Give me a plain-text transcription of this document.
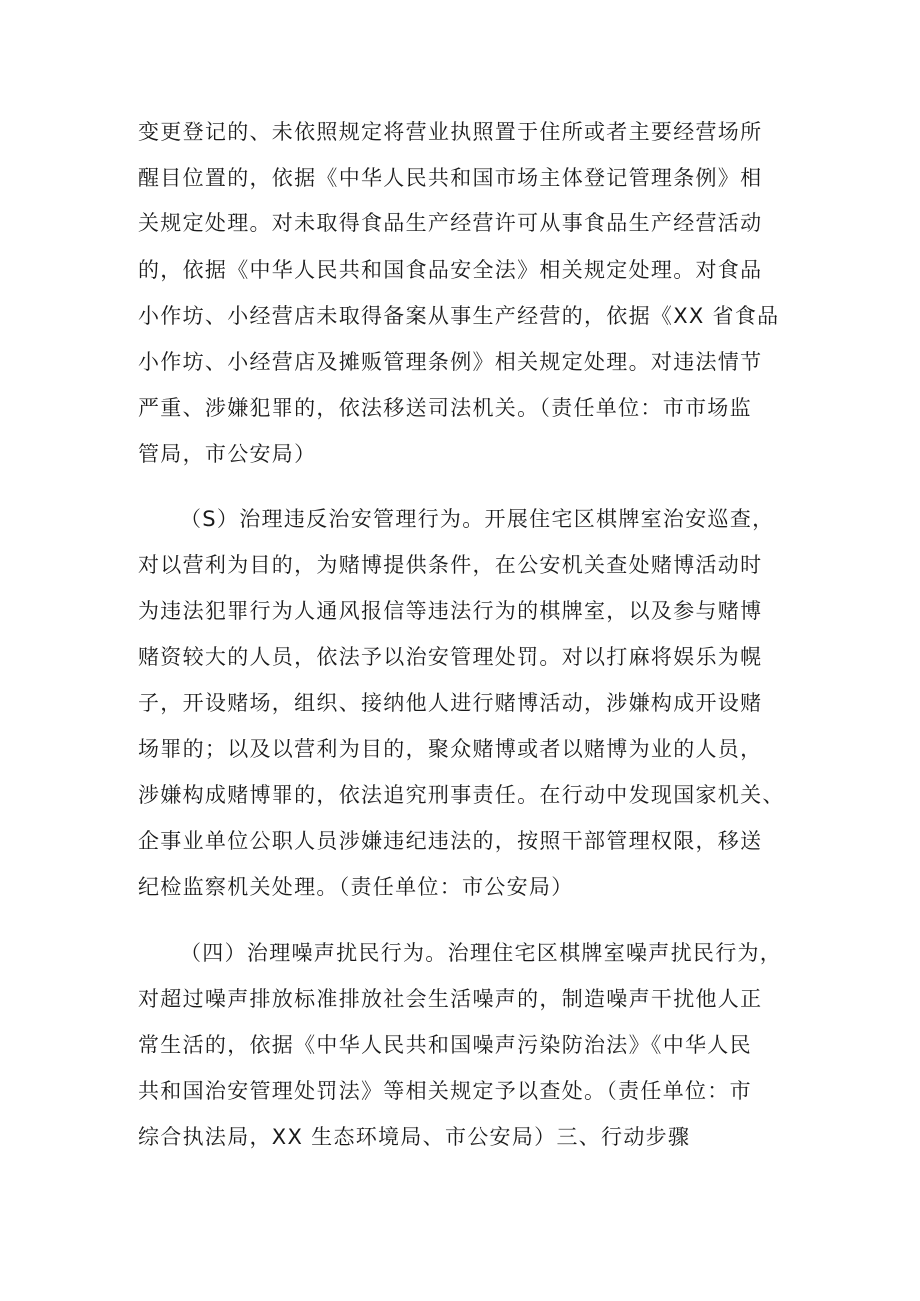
变更登记的、未依照规定将营业执照置于住所或者主要经营场所
醒目位置的，依据《中华人民共和国市场主体登记管理条例》相
关规定处理。对未取得食品生产经营许可从事食品生产经营活动
的，依据《中华人民共和国食品安全法》相关规定处理。对食品
小作坊、小经营店未取得备案从事生产经营的，依据《XX 省食品
小作坊、小经营店及摊贩管理条例》相关规定处理。对违法情节
严重、涉嫌犯罪的，依法移送司法机关。（责任单位：市市场监
管局，市公安局）
（S）治理违反治安管理行为。开展住宅区棋牌室治安巡查，
对以营利为目的，为赌博提供条件，在公安机关查处赌博活动时
为违法犯罪行为人通风报信等违法行为的棋牌室，以及参与赌博
赌资较大的人员，依法予以治安管理处罚。对以打麻将娱乐为幌
子，开设赌场，组织、接纳他人进行赌博活动，涉嫌构成开设赌
场罪的；以及以营利为目的，聚众赌博或者以赌博为业的人员，
涉嫌构成赌博罪的，依法追究刑事责任。在行动中发现国家机关、
企事业单位公职人员涉嫌违纪违法的，按照干部管理权限，移送
纪检监察机关处理。（责任单位：市公安局）
（四）治理噪声扰民行为。治理住宅区棋牌室噪声扰民行为，
对超过噪声排放标准排放社会生活噪声的，制造噪声干扰他人正
常生活的，依据《中华人民共和国噪声污染防治法》《中华人民
共和国治安管理处罚法》等相关规定予以查处。（责任单位：市
综合执法局，XX 生态环境局、市公安局）三、行动步骤
